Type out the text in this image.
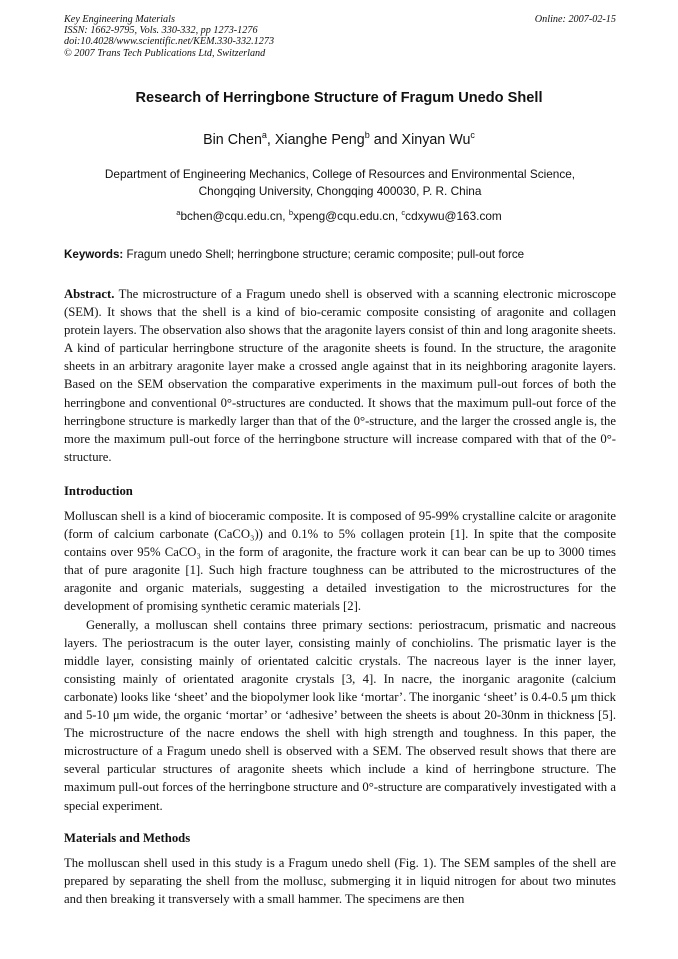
Key Engineering Materials
ISSN: 1662-9795, Vols. 330-332, pp 1273-1276
doi:10.4028/www.scientific.net/KEM.330-332.1273
© 2007 Trans Tech Publications Ltd, Switzerland
Online: 2007-02-15
Research of Herringbone Structure of Fragum Unedo Shell
Bin Chen$^a$, Xianghe Peng$^b$ and Xinyan Wu$^c$
Department of Engineering Mechanics, College of Resources and Environmental Science,
Chongqing University, Chongqing 400030, P. R. China
$^a$bchen@cqu.edu.cn, $^b$xpeng@cqu.edu.cn, $^c$cdxywu@163.com
Keywords: Fragum unedo Shell; herringbone structure; ceramic composite; pull-out force
Abstract. The microstructure of a Fragum unedo shell is observed with a scanning electronic microscope (SEM). It shows that the shell is a kind of bio-ceramic composite consisting of aragonite and collagen protein layers. The observation also shows that the aragonite layers consist of thin and long aragonite sheets. A kind of particular herringbone structure of the aragonite sheets is found. In the structure, the aragonite sheets in an arbitrary aragonite layer make a crossed angle against that in its neighboring aragonite layers. Based on the SEM observation the comparative experiments in the maximum pull-out forces of both the herringbone and conventional 0°-structures are conducted. It shows that the maximum pull-out force of the herringbone structure is markedly larger than that of the 0°-structure, and the larger the crossed angle is, the more the maximum pull-out force of the herringbone structure will increase compared with that of the 0°-structure.
Introduction

Molluscan shell is a kind of bioceramic composite. It is composed of 95-99% crystalline calcite or aragonite (form of calcium carbonate (CaCO₃)) and 0.1% to 5% collagen protein [1]. In spite that the composite contains over 95% CaCO₃ in the form of aragonite, the fracture work it can bear can be up to 3000 times that of pure aragonite [1]. Such high fracture toughness can be attributed to the microstructures of the aragonite and organic materials, suggesting a detailed investigation to the microstructures for the development of promising synthetic ceramic materials [2].

Generally, a molluscan shell contains three primary sections: periostracum, prismatic and nacreous layers. The periostracum is the outer layer, consisting mainly of conchiolins. The prismatic layer is the middle layer, consisting mainly of orientated calcitic crystals. The nacreous layer is the inner layer, consisting mainly of orientated aragonite crystals [3, 4]. In nacre, the inorganic aragonite (calcium carbonate) looks like ‘sheet’ and the biopolymer look like ‘mortar’. The inorganic ‘sheet’ is 0.4-0.5 μm thick and 5-10 μm wide, the organic ‘mortar’ or ‘adhesive’ between the sheets is about 20-30nm in thickness [5]. The microstructure of the nacre endows the shell with high strength and toughness. In this paper, the microstructure of a Fragum unedo shell is observed with a SEM. The observed result shows that there are several particular structures of aragonite sheets which include a kind of herringbone structure. The maximum pull-out forces of the herringbone structure and 0°-structure are comparatively investigated with a special experiment.

Materials and Methods

The molluscan shell used in this study is a Fragum unedo shell (Fig. 1). The SEM samples of the shell are prepared by separating the shell from the mollusc, submerging it in liquid nitrogen for about two minutes and then breaking it transversely with a small hammer. The specimens are then
